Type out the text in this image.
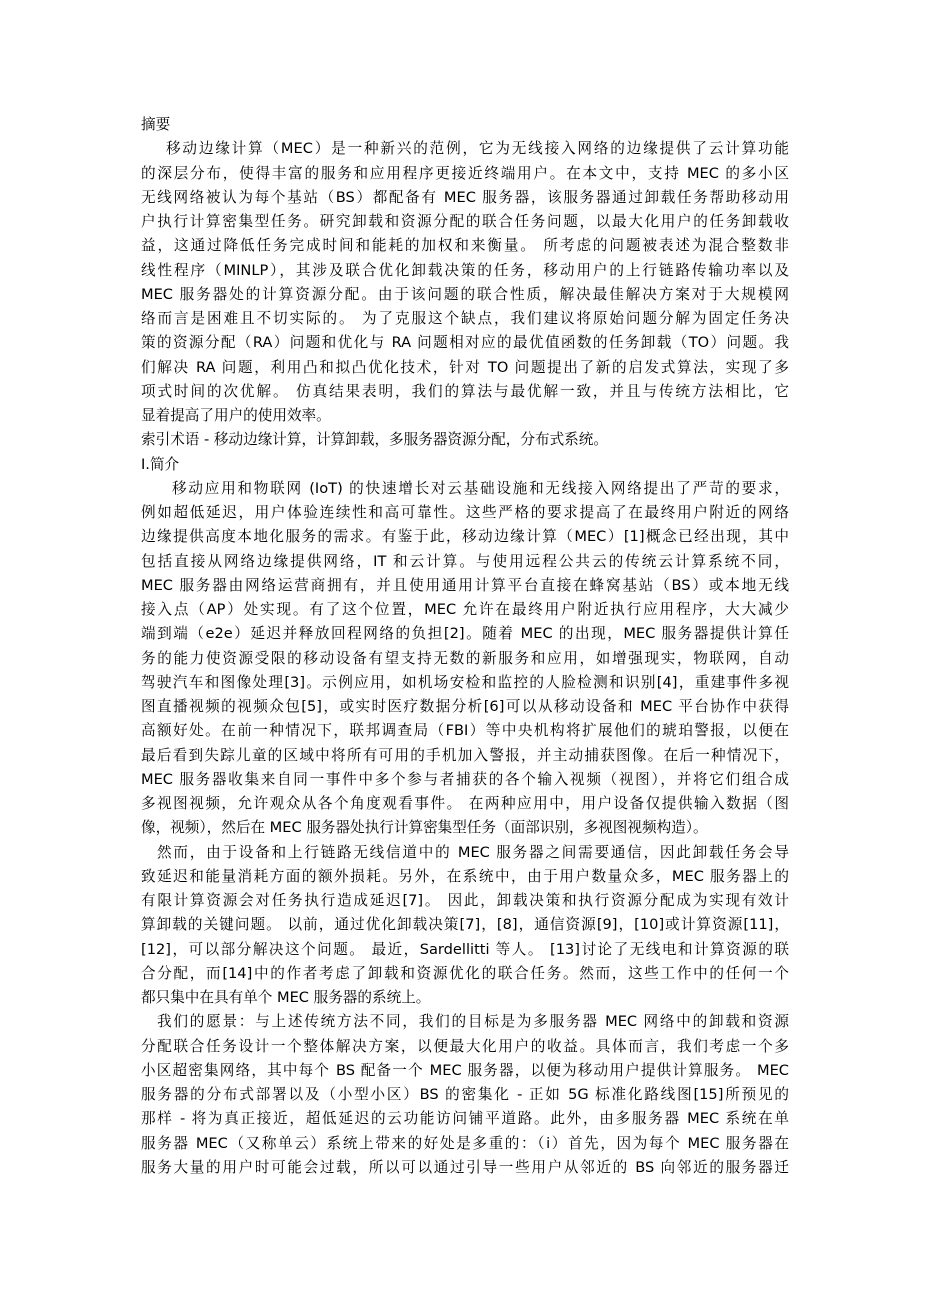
摘要
移动边缘计算（MEC）是一种新兴的范例，它为无线接入网络的边缘提供了云计算功能
的深层分布，使得丰富的服务和应用程序更接近终端用户。在本文中，支持 MEC 的多小区
无线网络被认为每个基站（BS）都配备有 MEC 服务器，该服务器通过卸载任务帮助移动用
户执行计算密集型任务。研究卸载和资源分配的联合任务问题，以最大化用户的任务卸载收
益，这通过降低任务完成时间和能耗的加权和来衡量。 所考虑的问题被表述为混合整数非
线性程序（MINLP），其涉及联合优化卸载决策的任务，移动用户的上行链路传输功率以及
MEC 服务器处的计算资源分配。由于该问题的联合性质，解决最佳解决方案对于大规模网
络而言是困难且不切实际的。 为了克服这个缺点，我们建议将原始问题分解为固定任务决
策的资源分配（RA）问题和优化与 RA 问题相对应的最优值函数的任务卸载（TO）问题。我
们解决 RA 问题，利用凸和拟凸优化技术，针对 TO 问题提出了新的启发式算法，实现了多
项式时间的次优解。 仿真结果表明，我们的算法与最优解一致，并且与传统方法相比，它
显着提高了用户的使用效率。
索引术语 - 移动边缘计算，计算卸载，多服务器资源分配，分布式系统。
I.简介
移动应用和物联网 (IoT) 的快速增长对云基础设施和无线接入网络提出了严苛的要求，
例如超低延迟，用户体验连续性和高可靠性。这些严格的要求提高了在最终用户附近的网络
边缘提供高度本地化服务的需求。有鉴于此，移动边缘计算（MEC）[1]概念已经出现，其中
包括直接从网络边缘提供网络，IT 和云计算。与使用远程公共云的传统云计算系统不同，
MEC 服务器由网络运营商拥有，并且使用通用计算平台直接在蜂窝基站（BS）或本地无线
接入点（AP）处实现。有了这个位置，MEC 允许在最终用户附近执行应用程序，大大减少
端到端（e2e）延迟并释放回程网络的负担[2]。随着 MEC 的出现，MEC 服务器提供计算任
务的能力使资源受限的移动设备有望支持无数的新服务和应用，如增强现实，物联网，自动
驾驶汽车和图像处理[3]。示例应用，如机场安检和监控的人脸检测和识别[4]，重建事件多视
图直播视频的视频众包[5]，或实时医疗数据分析[6]可以从移动设备和 MEC 平台协作中获得
高额好处。在前一种情况下，联邦调查局（FBI）等中央机构将扩展他们的琥珀警报，以便在
最后看到失踪儿童的区域中将所有可用的手机加入警报，并主动捕获图像。在后一种情况下，
MEC 服务器收集来自同一事件中多个参与者捕获的各个输入视频（视图），并将它们组合成
多视图视频，允许观众从各个角度观看事件。 在两种应用中，用户设备仅提供输入数据（图
像，视频），然后在 MEC 服务器处执行计算密集型任务（面部识别，多视图视频构造）。
然而，由于设备和上行链路无线信道中的 MEC 服务器之间需要通信，因此卸载任务会导
致延迟和能量消耗方面的额外损耗。另外，在系统中，由于用户数量众多，MEC 服务器上的
有限计算资源会对任务执行造成延迟[7]。 因此，卸载决策和执行资源分配成为实现有效计
算卸载的关键问题。 以前，通过优化卸载决策[7]，[8]，通信资源[9]，[10]或计算资源[11]，
[12]，可以部分解决这个问题。 最近，Sardellitti 等人。 [13]讨论了无线电和计算资源的联
合分配，而[14]中的作者考虑了卸载和资源优化的联合任务。然而，这些工作中的任何一个
都只集中在具有单个 MEC 服务器的系统上。
我们的愿景：与上述传统方法不同，我们的目标是为多服务器 MEC 网络中的卸载和资源
分配联合任务设计一个整体解决方案，以便最大化用户的收益。具体而言，我们考虑一个多
小区超密集网络，其中每个 BS 配备一个 MEC 服务器，以便为移动用户提供计算服务。 MEC
服务器的分布式部署以及（小型小区）BS 的密集化 - 正如 5G 标准化路线图[15]所预见的
那样 - 将为真正接近，超低延迟的云功能访问铺平道路。此外，由多服务器 MEC 系统在单
服务器 MEC（又称单云）系统上带来的好处是多重的：（i）首先，因为每个 MEC 服务器在
服务大量的用户时可能会过载，所以可以通过引导一些用户从邻近的 BS 向邻近的服务器迁
